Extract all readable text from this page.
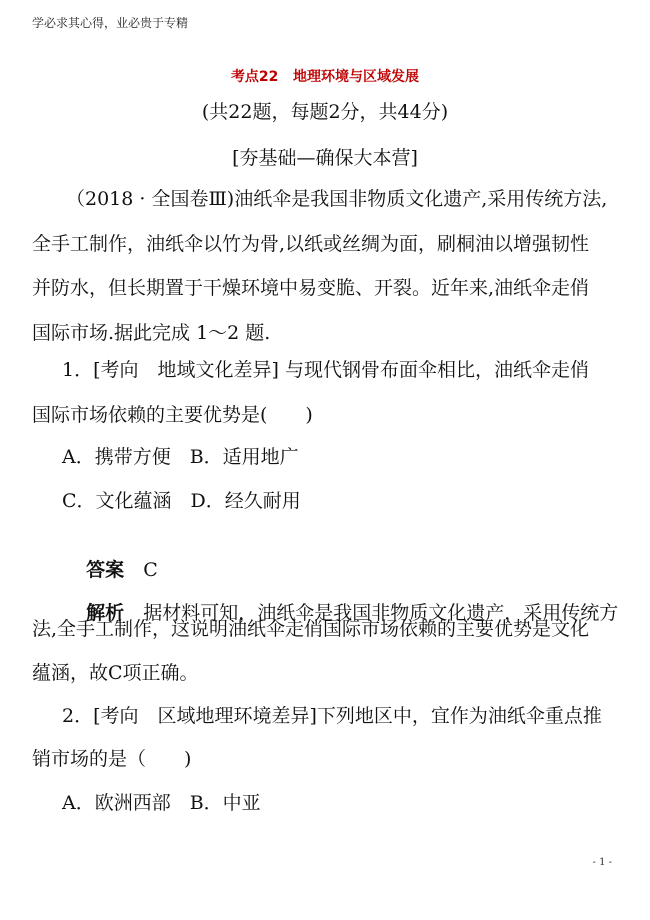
学必求其心得，业必贵于专精
考点22   地理环境与区域发展
(共22题，每题2分，共44分)
[夯基础—确保大本营]
（2018 · 全国卷Ⅲ)油纸伞是我国非物质文化遗产,采用传统方法,
全手工制作，油纸伞以竹为骨,以纸或丝绸为面，刷桐油以增强韧性
并防水，但长期置于干燥环境中易变脆、开裂。近年来,油纸伞走俏
国际市场.据此完成 1～2 题.
1．[考向　地域文化差异] 与现代钢骨布面伞相比，油纸伞走俏
国际市场依赖的主要优势是(　　)
A．携带方便　B．适用地广
C．文化蕴涵　D．经久耐用

答案　 C

解析　 据材料可知，油纸伞是我国非物质文化遗产，采用传统方

法,全手工制作，这说明油纸伞走俏国际市场依赖的主要优势是文化
蕴涵，故C项正确。
2．[考向　区域地理环境差异]下列地区中，宜作为油纸伞重点推
销市场的是（　　)
A．欧洲西部　B．中亚
- 1 -
